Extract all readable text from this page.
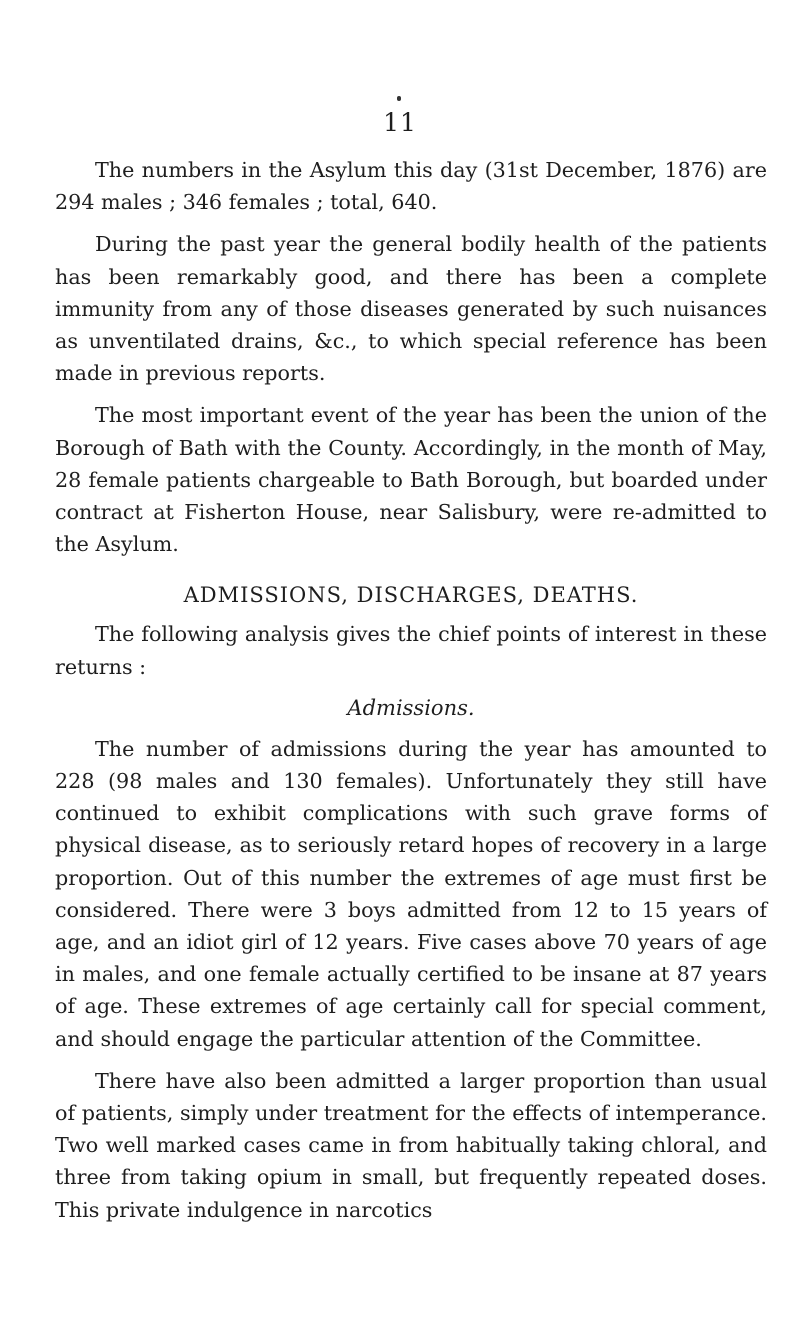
11

The numbers in the Asylum this day (31st December, 1876) are 294 males ; 346 females ; total, 640.

During the past year the general bodily health of the patients has been remarkably good, and there has been a complete immunity from any of those diseases generated by such nuisances as unventilated drains, &c., to which special reference has been made in previous reports.

The most important event of the year has been the union of the Borough of Bath with the County. Accordingly, in the month of May, 28 female patients chargeable to Bath Borough, but boarded under contract at Fisherton House, near Salisbury, were re-admitted to the Asylum.

ADMISSIONS, DISCHARGES, DEATHS.

The following analysis gives the chief points of interest in these returns :

Admissions.

The number of admissions during the year has amounted to 228 (98 males and 130 females). Unfortunately they still have continued to exhibit complications with such grave forms of physical disease, as to seriously retard hopes of recovery in a large proportion. Out of this number the extremes of age must first be considered. There were 3 boys admitted from 12 to 15 years of age, and an idiot girl of 12 years. Five cases above 70 years of age in males, and one female actually certified to be insane at 87 years of age. These extremes of age certainly call for special comment, and should engage the particular attention of the Committee.

There have also been admitted a larger proportion than usual of patients, simply under treatment for the effects of intemperance. Two well marked cases came in from habitually taking chloral, and three from taking opium in small, but frequently repeated doses. This private indulgence in narcotics
